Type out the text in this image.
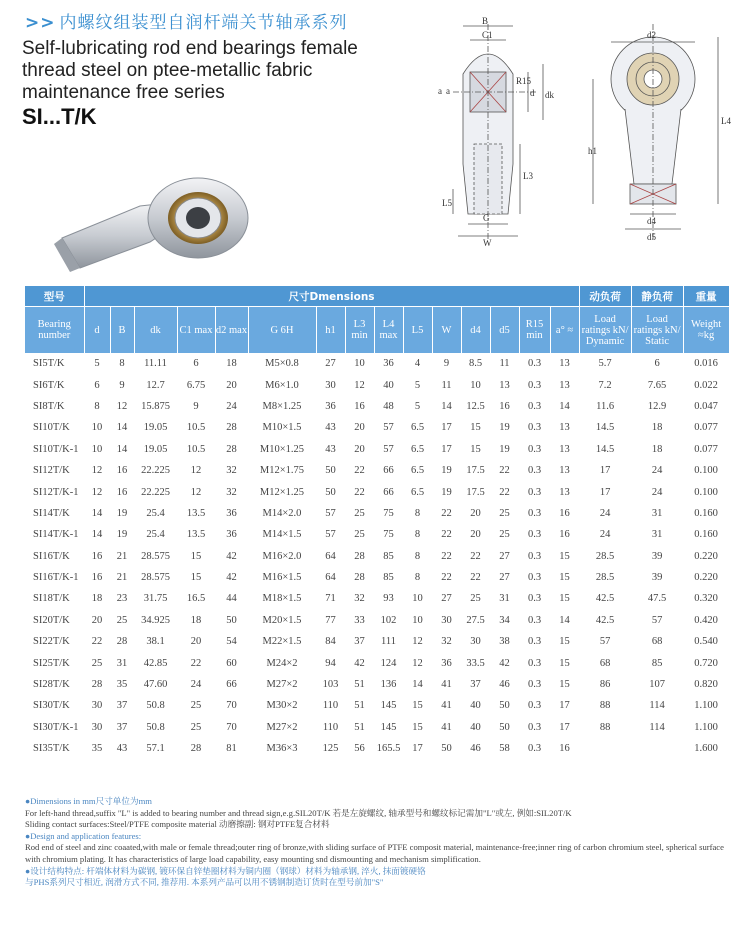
>> 内螺纹组装型自润杆端关节轴承系列
Self-lubricating rod end bearings female
thread steel on ptee-metallic fabric
maintenance free series
SI...T/K
B
C1
R15
d dk
a a
h1
L3
L5
G
W
d2
L4
d4
d5
型号	尺寸Dmensions															动负荷	静负荷	重量
Bearing number	d	B	dk	C1 max	d2 max	G 6H	h1	L3 min	L4 max	L5	W	d4	d5	R15 min	a° ≈	Load ratings kN/ Dynamic	Load ratings kN/ Static	Weight ≈kg
SI5T/K	5	8	11.11	6	18	M5×0.8	27	10	36	4	9	8.5	11	0.3	13	5.7	6	0.016
SI6T/K	6	9	12.7	6.75	20	M6×1.0	30	12	40	5	11	10	13	0.3	13	7.2	7.65	0.022
SI8T/K	8	12	15.875	9	24	M8×1.25	36	16	48	5	14	12.5	16	0.3	14	11.6	12.9	0.047
SI10T/K	10	14	19.05	10.5	28	M10×1.5	43	20	57	6.5	17	15	19	0.3	13	14.5	18	0.077
SI10T/K-1	10	14	19.05	10.5	28	M10×1.25	43	20	57	6.5	17	15	19	0.3	13	14.5	18	0.077
SI12T/K	12	16	22.225	12	32	M12×1.75	50	22	66	6.5	19	17.5	22	0.3	13	17	24	0.100
SI12T/K-1	12	16	22.225	12	32	M12×1.25	50	22	66	6.5	19	17.5	22	0.3	13	17	24	0.100
SI14T/K	14	19	25.4	13.5	36	M14×2.0	57	25	75	8	22	20	25	0.3	16	24	31	0.160
SI14T/K-1	14	19	25.4	13.5	36	M14×1.5	57	25	75	8	22	20	25	0.3	16	24	31	0.160
SI16T/K	16	21	28.575	15	42	M16×2.0	64	28	85	8	22	22	27	0.3	15	28.5	39	0.220
SI16T/K-1	16	21	28.575	15	42	M16×1.5	64	28	85	8	22	22	27	0.3	15	28.5	39	0.220
SI18T/K	18	23	31.75	16.5	44	M18×1.5	71	32	93	10	27	25	31	0.3	15	42.5	47.5	0.320
SI20T/K	20	25	34.925	18	50	M20×1.5	77	33	102	10	30	27.5	34	0.3	14	42.5	57	0.420
SI22T/K	22	28	38.1	20	54	M22×1.5	84	37	111	12	32	30	38	0.3	15	57	68	0.540
SI25T/K	25	31	42.85	22	60	M24×2	94	42	124	12	36	33.5	42	0.3	15	68	85	0.720
SI28T/K	28	35	47.60	24	66	M27×2	103	51	136	14	41	37	46	0.3	15	86	107	0.820
SI30T/K	30	37	50.8	25	70	M30×2	110	51	145	15	41	40	50	0.3	17	88	114	1.100
SI30T/K-1	30	37	50.8	25	70	M27×2	110	51	145	15	41	40	50	0.3	17	88	114	1.100
SI35T/K	35	43	57.1	28	81	M36×3	125	56	165.5	17	50	46	58	0.3	16			1.600
●Dimensions in mm尺寸单位为mm
For left-hand thread,suffix "L" is added to bearing number and thread sign,e.g.SIL20T/K 若是左旋螺纹, 轴承型号和螺纹标记需加"L"或左, 例如:SIL20T/K
Sliding contact surfaces:Steel/PTFE composite material 动磨擦副: 钢对PTFE复合材料
●Design and application features:
Rod end of steel and zinc coaated,with male or female thread;outer ring of bronze,with sliding surface of PTFE composit material, maintenance-free;inner ring of carbon chromium steel, spherical surface with chromium plating. It has characteristics of large load capability, easy mounting snd dismounting and mechanism simplification.
●设计结构特点: 杆端体材料为碳钢, 镀环保自锌垫圈材料为铜内圈（钢球）材料为轴承钢, 淬火, 抹面镀硬铬
与PHS系列尺寸相近, 润滑方式不同, 推荐用. 本系列产品可以用不锈钢制造订货时在型号前加"S"
